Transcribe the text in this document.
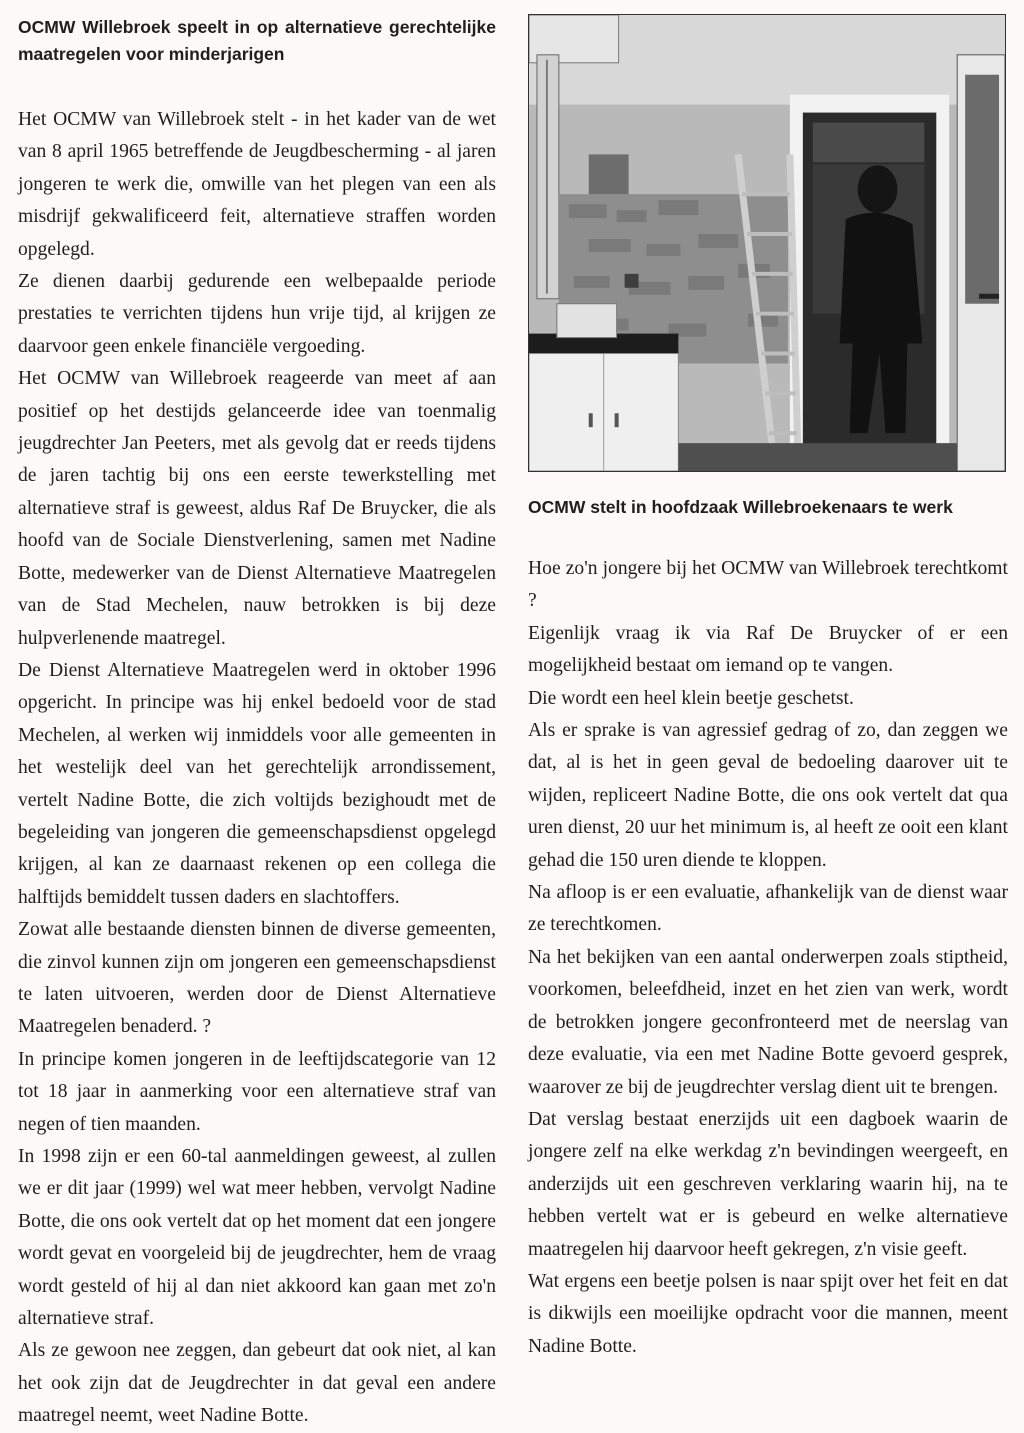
OCMW Willebroek speelt in op alternatieve gerechtelijke maatregelen voor minderjarigen

Het OCMW van Willebroek stelt - in het kader van de wet van 8 april 1965 betreffende de Jeugdbescherming - al jaren jongeren te werk die, omwille van het plegen van een als misdrijf gekwalificeerd feit, alternatieve straffen worden opgelegd.

Ze dienen daarbij gedurende een welbepaalde periode prestaties te verrichten tijdens hun vrije tijd, al krijgen ze daarvoor geen enkele financiële vergoeding.

Het OCMW van Willebroek reageerde van meet af aan positief op het destijds gelanceerde idee van toenmalig jeugdrechter Jan Peeters, met als gevolg dat er reeds tijdens de jaren tachtig bij ons een eerste tewerkstelling met alternatieve straf is geweest, aldus Raf De Bruycker, die als hoofd van de Sociale Dienstverlening, samen met Nadine Botte, medewerker van de Dienst Alternatieve Maatregelen van de Stad Mechelen, nauw betrokken is bij deze hulpverlenende maatregel.

De Dienst Alternatieve Maatregelen werd in oktober 1996 opgericht. In principe was hij enkel bedoeld voor de stad Mechelen, al werken wij inmiddels voor alle gemeenten in het westelijk deel van het gerechtelijk arrondissement, vertelt Nadine Botte, die zich voltijds bezighoudt met de begeleiding van jongeren die gemeenschapsdienst opgelegd krijgen, al kan ze daarnaast rekenen op een collega die halftijds bemiddelt tussen daders en slachtoffers.

Zowat alle bestaande diensten binnen de diverse gemeenten, die zinvol kunnen zijn om jongeren een gemeenschapsdienst te laten uitvoeren, werden door de Dienst Alternatieve Maatregelen benaderd. ?

In principe komen jongeren in de leeftijdscategorie van 12 tot 18 jaar in aanmerking voor een alternatieve straf van negen of tien maanden.

In 1998 zijn er een 60-tal aanmeldingen geweest, al zullen we er dit jaar (1999) wel wat meer hebben, vervolgt Nadine Botte, die ons ook vertelt dat op het moment dat een jongere wordt gevat en voorgeleid bij de jeugdrechter, hem de vraag wordt gesteld of hij al dan niet akkoord kan gaan met zo'n alternatieve straf.

Als ze gewoon nee zeggen, dan gebeurt dat ook niet, al kan het ook zijn dat de Jeugdrechter in dat geval een andere maatregel neemt, weet Nadine Botte.

OCMW stelt in hoofdzaak Willebroekenaars te werk

Hoe zo'n jongere bij het OCMW van Willebroek terechtkomt ?

Eigenlijk vraag ik via Raf De Bruycker of er een mogelijkheid bestaat om iemand op te vangen.

Die wordt een heel klein beetje geschetst.

Als er sprake is van agressief gedrag of zo, dan zeggen we dat, al is het in geen geval de bedoeling daarover uit te wijden, repliceert Nadine Botte, die ons ook vertelt dat qua uren dienst, 20 uur het minimum is, al heeft ze ooit een klant gehad die 150 uren diende te kloppen.

Na afloop is er een evaluatie, afhankelijk van de dienst waar ze terechtkomen.

Na het bekijken van een aantal onderwerpen zoals stiptheid, voorkomen, beleefdheid, inzet en het zien van werk, wordt de betrokken jongere geconfronteerd met de neerslag van deze evaluatie, via een met Nadine Botte gevoerd gesprek, waarover ze bij de jeugdrechter verslag dient uit te brengen.

Dat verslag bestaat enerzijds uit een dagboek waarin de jongere zelf na elke werkdag z'n bevindingen weergeeft, en anderzijds uit een geschreven verklaring waarin hij, na te hebben vertelt wat er is gebeurd en welke alternatieve maatregelen hij daarvoor heeft gekregen, z'n visie geeft.

Wat ergens een beetje polsen is naar spijt over het feit en dat is dikwijls een moeilijke opdracht voor die mannen, meent Nadine Botte.
